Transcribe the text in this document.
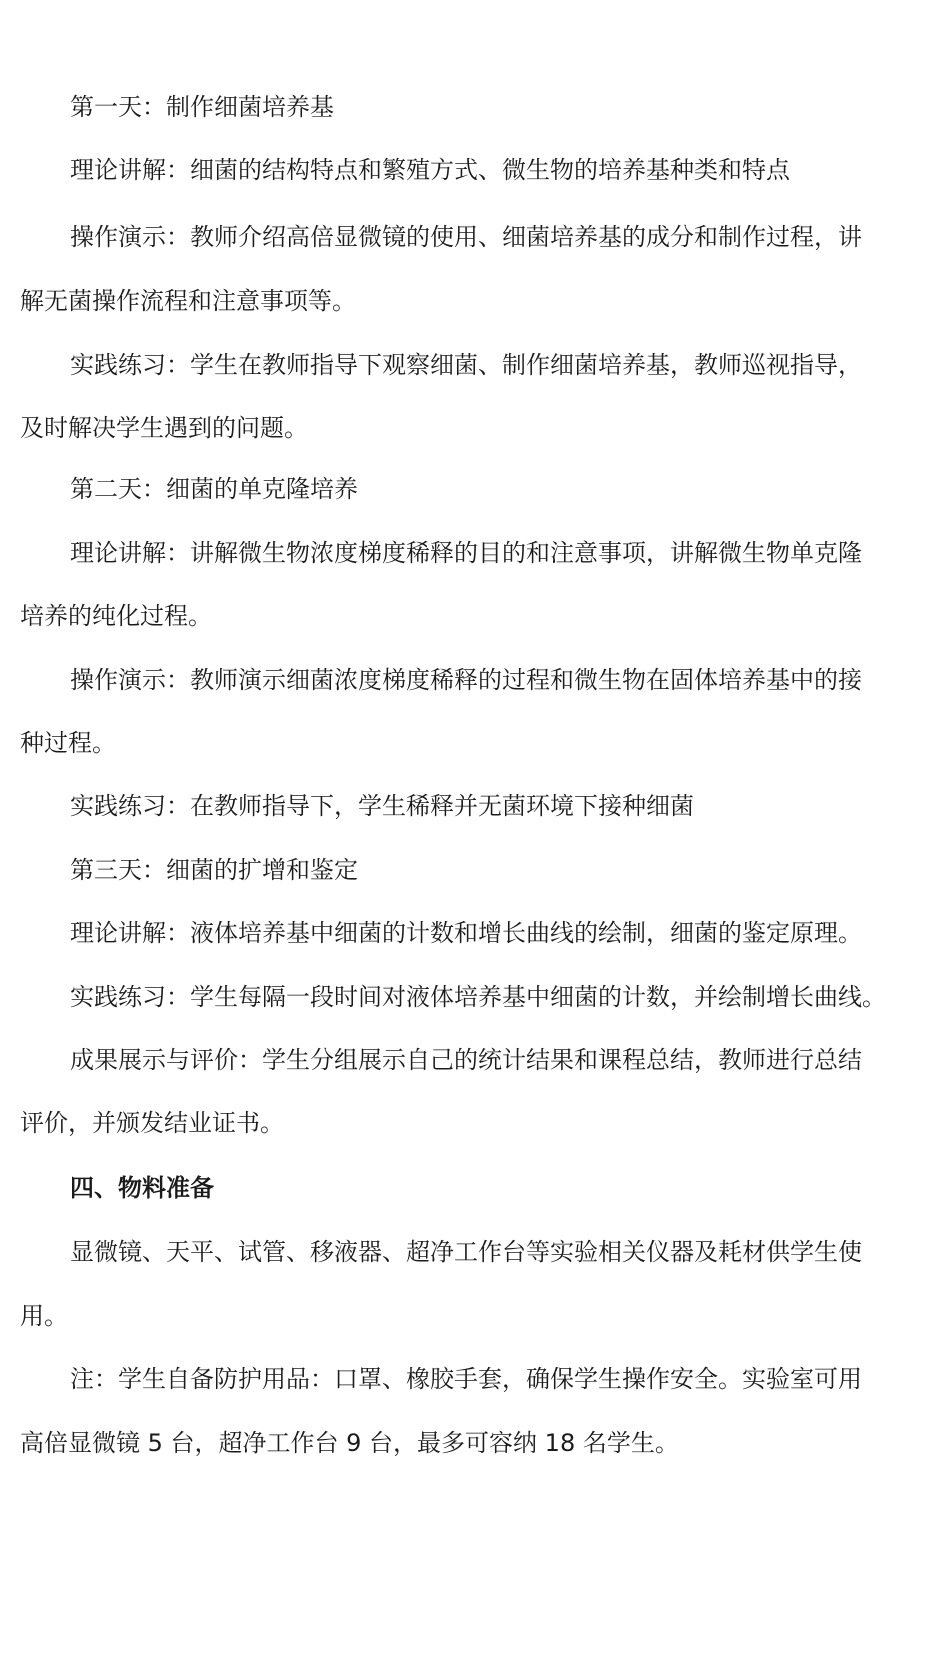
第一天：制作细菌培养基
理论讲解：细菌的结构特点和繁殖方式、微生物的培养基种类和特点
操作演示：教师介绍高倍显微镜的使用、细菌培养基的成分和制作过程，讲
解无菌操作流程和注意事项等。
实践练习：学生在教师指导下观察细菌、制作细菌培养基，教师巡视指导，
及时解决学生遇到的问题。
第二天：细菌的单克隆培养
理论讲解：讲解微生物浓度梯度稀释的目的和注意事项，讲解微生物单克隆
培养的纯化过程。
操作演示：教师演示细菌浓度梯度稀释的过程和微生物在固体培养基中的接
种过程。
实践练习：在教师指导下，学生稀释并无菌环境下接种细菌
第三天：细菌的扩增和鉴定
理论讲解：液体培养基中细菌的计数和增长曲线的绘制，细菌的鉴定原理。
实践练习：学生每隔一段时间对液体培养基中细菌的计数，并绘制增长曲线。
成果展示与评价：学生分组展示自己的统计结果和课程总结，教师进行总结
评价，并颁发结业证书。
四、物料准备
显微镜、天平、试管、移液器、超净工作台等实验相关仪器及耗材供学生使
用。
注：学生自备防护用品：口罩、橡胶手套，确保学生操作安全。实验室可用
高倍显微镜 5 台，超净工作台 9 台，最多可容纳 18 名学生。
